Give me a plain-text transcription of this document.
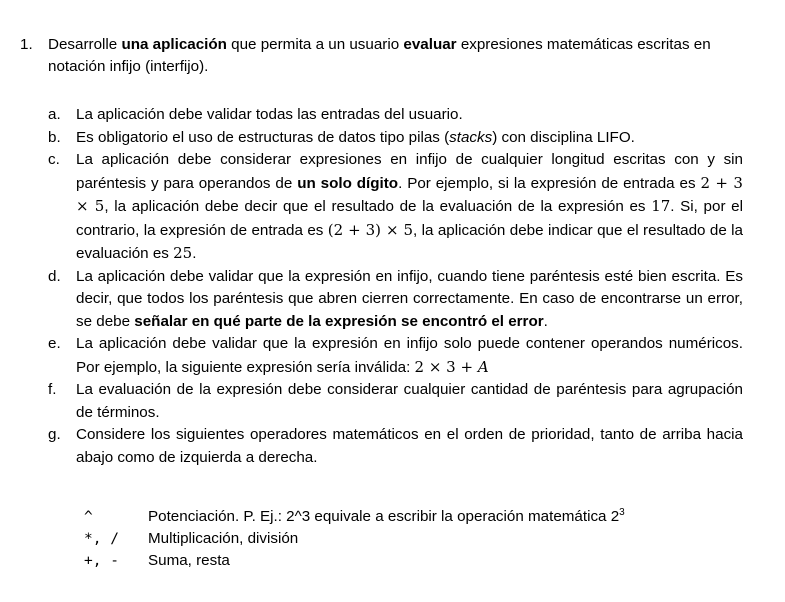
1. Desarrolle una aplicación que permita a un usuario evaluar expresiones matemáticas escritas en notación infijo (interfijo).
a. La aplicación debe validar todas las entradas del usuario.
b. Es obligatorio el uso de estructuras de datos tipo pilas (stacks) con disciplina LIFO.
c. La aplicación debe considerar expresiones en infijo de cualquier longitud escritas con y sin paréntesis y para operandos de un solo dígito. Por ejemplo, si la expresión de entrada es 2 + 3 × 5, la aplicación debe decir que el resultado de la evaluación de la expresión es 17. Si, por el contrario, la expresión de entrada es (2 + 3) × 5, la aplicación debe indicar que el resultado de la evaluación es 25.
d. La aplicación debe validar que la expresión en infijo, cuando tiene paréntesis esté bien escrita. Es decir, que todos los paréntesis que abren cierren correctamente. En caso de encontrarse un error, se debe señalar en qué parte de la expresión se encontró el error.
e. La aplicación debe validar que la expresión en infijo solo puede contener operandos numéricos. Por ejemplo, la siguiente expresión sería inválida: 2 × 3 + A
f. La evaluación de la expresión debe considerar cualquier cantidad de paréntesis para agrupación de términos.
g. Considere los siguientes operadores matemáticos en el orden de prioridad, tanto de arriba hacia abajo como de izquierda a derecha.
^	Potenciación. P. Ej.: 2^3 equivale a escribir la operación matemática $2^3$
*, / Multiplicación, división
+, - Suma, resta
